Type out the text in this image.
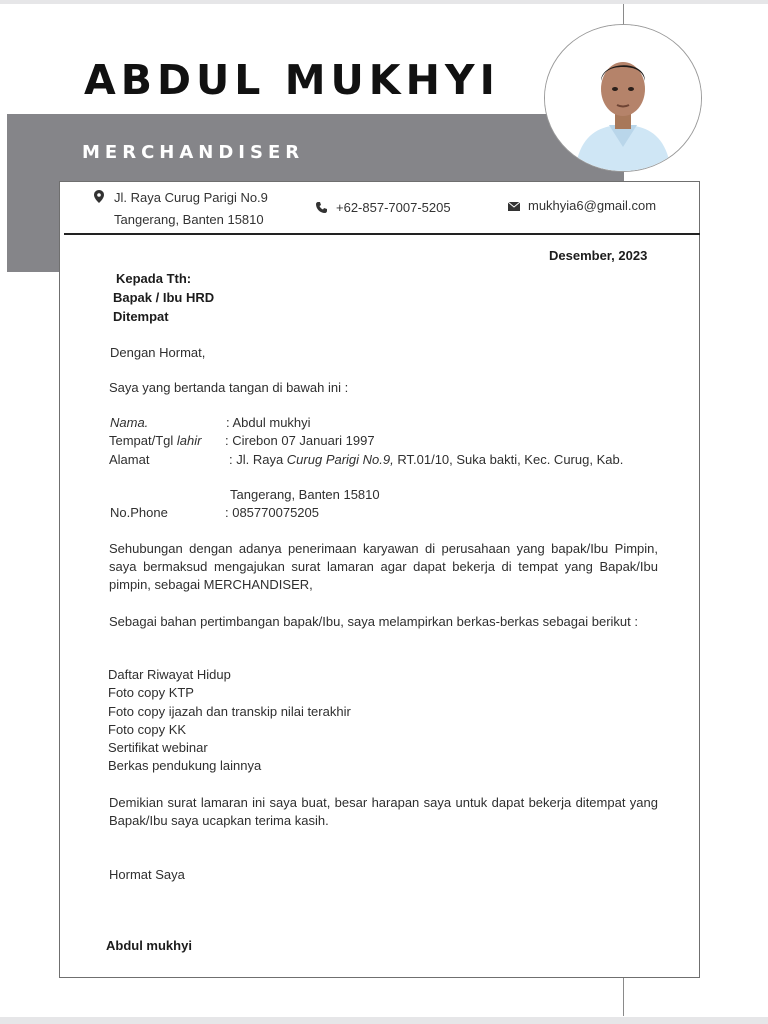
ABDUL MUKHYI
MERCHANDISER
Jl. Raya Curug Parigi No.9
Tangerang, Banten 15810
+62-857-7007-5205	mukhyia6@gmail.com
Desember, 2023
Kepada Tth:
Bapak / Ibu HRD
Ditempat
Dengan Hormat,
Saya yang bertanda tangan di bawah ini :
Nama.	: Abdul mukhyi
Tempat/Tgl lahir : Cirebon 07 Januari 1997
Alamat	: Jl. Raya Curug Parigi No.9, RT.01/10, Suka bakti, Kec. Curug, Kab.
Tangerang, Banten 15810
No.Phone	: 085770075205
Sehubungan dengan adanya penerimaan karyawan di perusahaan yang bapak/Ibu Pimpin, saya bermaksud mengajukan surat lamaran agar dapat bekerja di tempat yang Bapak/Ibu pimpin, sebagai MERCHANDISER,
Sebagai bahan pertimbangan bapak/Ibu, saya melampirkan berkas-berkas sebagai berikut :
Daftar Riwayat Hidup
Foto copy KTP
Foto copy ijazah dan transkip nilai terakhir
Foto copy KK
Sertifikat webinar
Berkas pendukung lainnya
Demikian surat lamaran ini saya buat, besar harapan saya untuk dapat bekerja ditempat yang Bapak/Ibu saya ucapkan terima kasih.
Hormat Saya
Abdul mukhyi
